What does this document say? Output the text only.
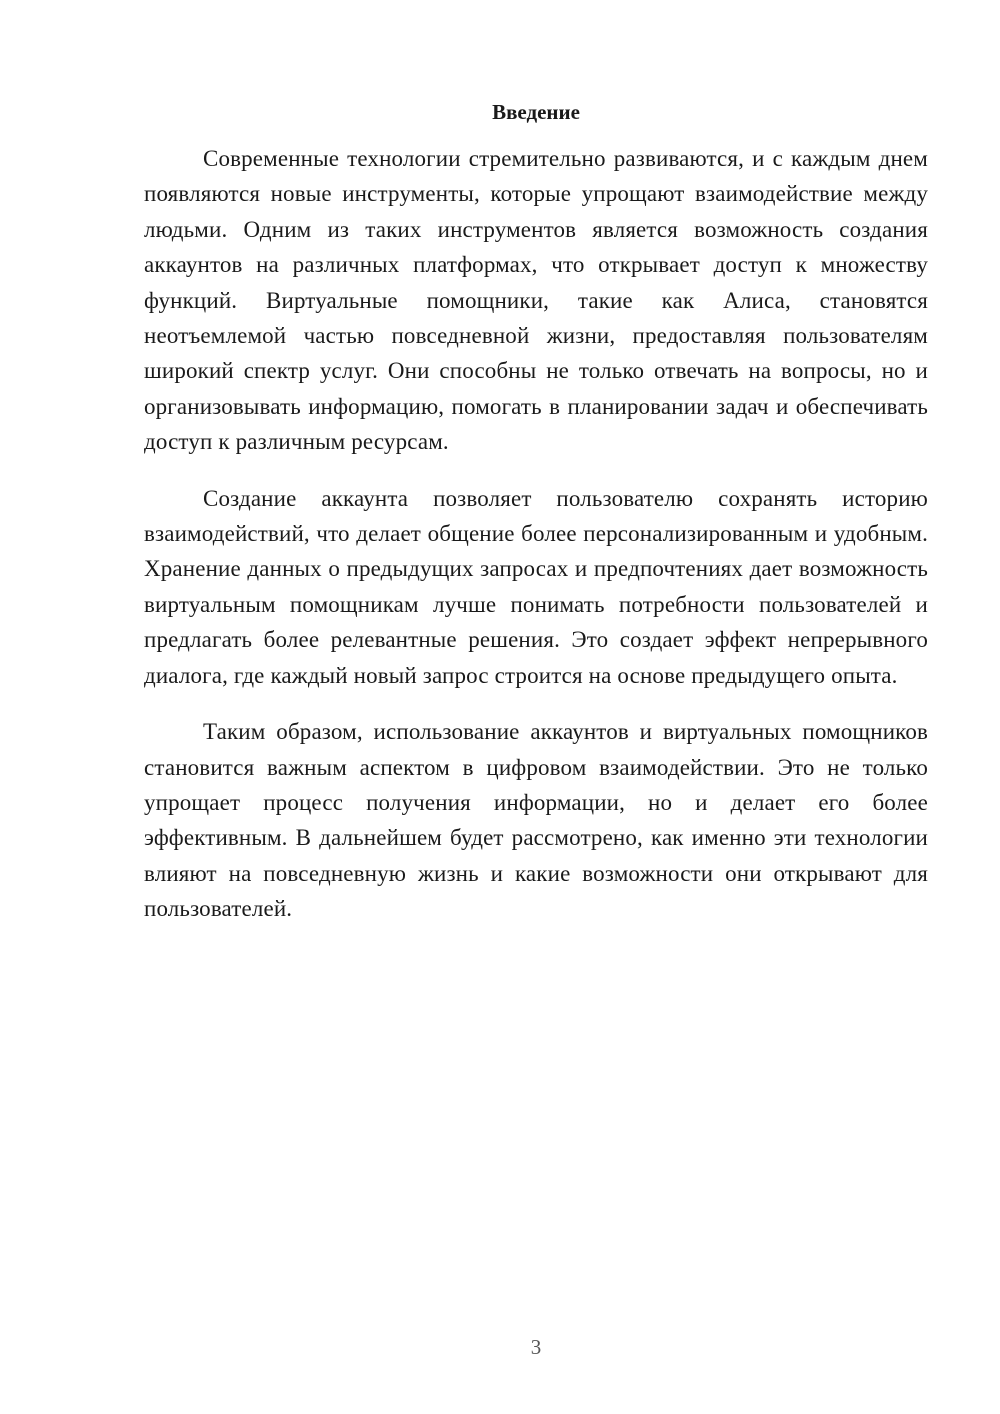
Введение

Современные технологии стремительно развиваются, и с каждым днем появляются новые инструменты, которые упрощают взаимодействие между людьми. Одним из таких инструментов является возможность создания аккаунтов на различных платформах, что открывает доступ к множеству функций. Виртуальные помощники, такие как Алиса, становятся неотъемлемой частью повседневной жизни, предоставляя пользователям широкий спектр услуг. Они способны не только отвечать на вопросы, но и организовывать информацию, помогать в планировании задач и обеспечивать доступ к различным ресурсам.

Создание аккаунта позволяет пользователю сохранять историю взаимодействий, что делает общение более персонализированным и удобным. Хранение данных о предыдущих запросах и предпочтениях дает возможность виртуальным помощникам лучше понимать потребности пользователей и предлагать более релевантные решения. Это создает эффект непрерывного диалога, где каждый новый запрос строится на основе предыдущего опыта.

Таким образом, использование аккаунтов и виртуальных помощников становится важным аспектом в цифровом взаимодействии. Это не только упрощает процесс получения информации, но и делает его более эффективным. В дальнейшем будет рассмотрено, как именно эти технологии влияют на повседневную жизнь и какие возможности они открывают для пользователей.

3
